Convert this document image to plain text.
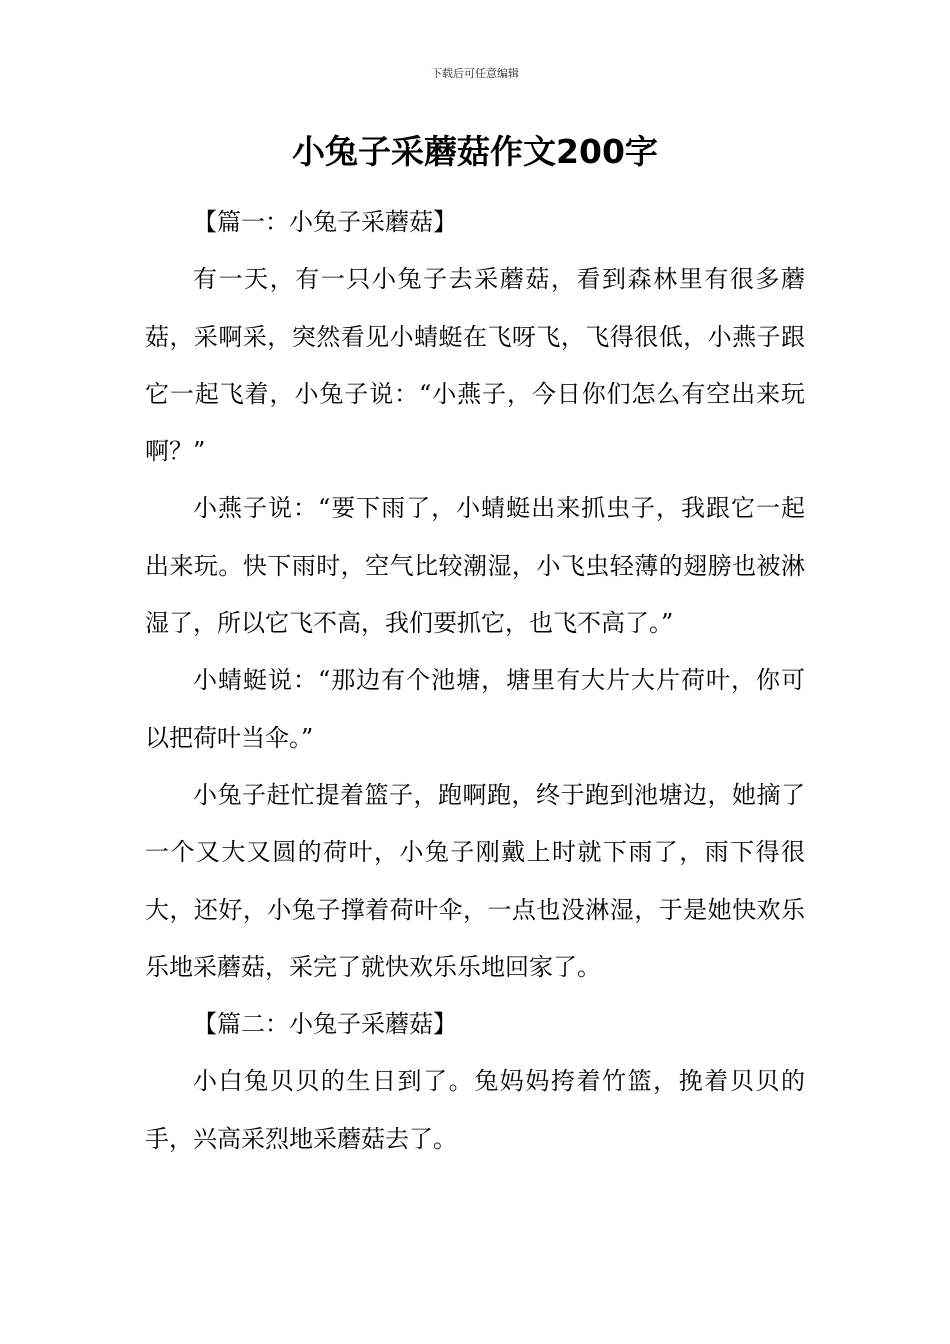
下载后可任意编辑
小兔子采蘑菇作文200字

【篇一：小兔子采蘑菇】

有一天，有一只小兔子去采蘑菇，看到森林里有很多蘑菇，采啊采，突然看见小蜻蜓在飞呀飞，飞得很低，小燕子跟它一起飞着，小兔子说：“小燕子，今日你们怎么有空出来玩啊？”

小燕子说：“要下雨了，小蜻蜓出来抓虫子，我跟它一起出来玩。快下雨时，空气比较潮湿，小飞虫轻薄的翅膀也被淋湿了，所以它飞不高，我们要抓它，也飞不高了。”

小蜻蜓说：“那边有个池塘，塘里有大片大片荷叶，你可以把荷叶当伞。”

小兔子赶忙提着篮子，跑啊跑，终于跑到池塘边，她摘了一个又大又圆的荷叶，小兔子刚戴上时就下雨了，雨下得很大，还好，小兔子撑着荷叶伞，一点也没淋湿，于是她快欢乐乐地采蘑菇，采完了就快欢乐乐地回家了。

【篇二：小兔子采蘑菇】

小白兔贝贝的生日到了。兔妈妈挎着竹篮，挽着贝贝的手，兴高采烈地采蘑菇去了。
